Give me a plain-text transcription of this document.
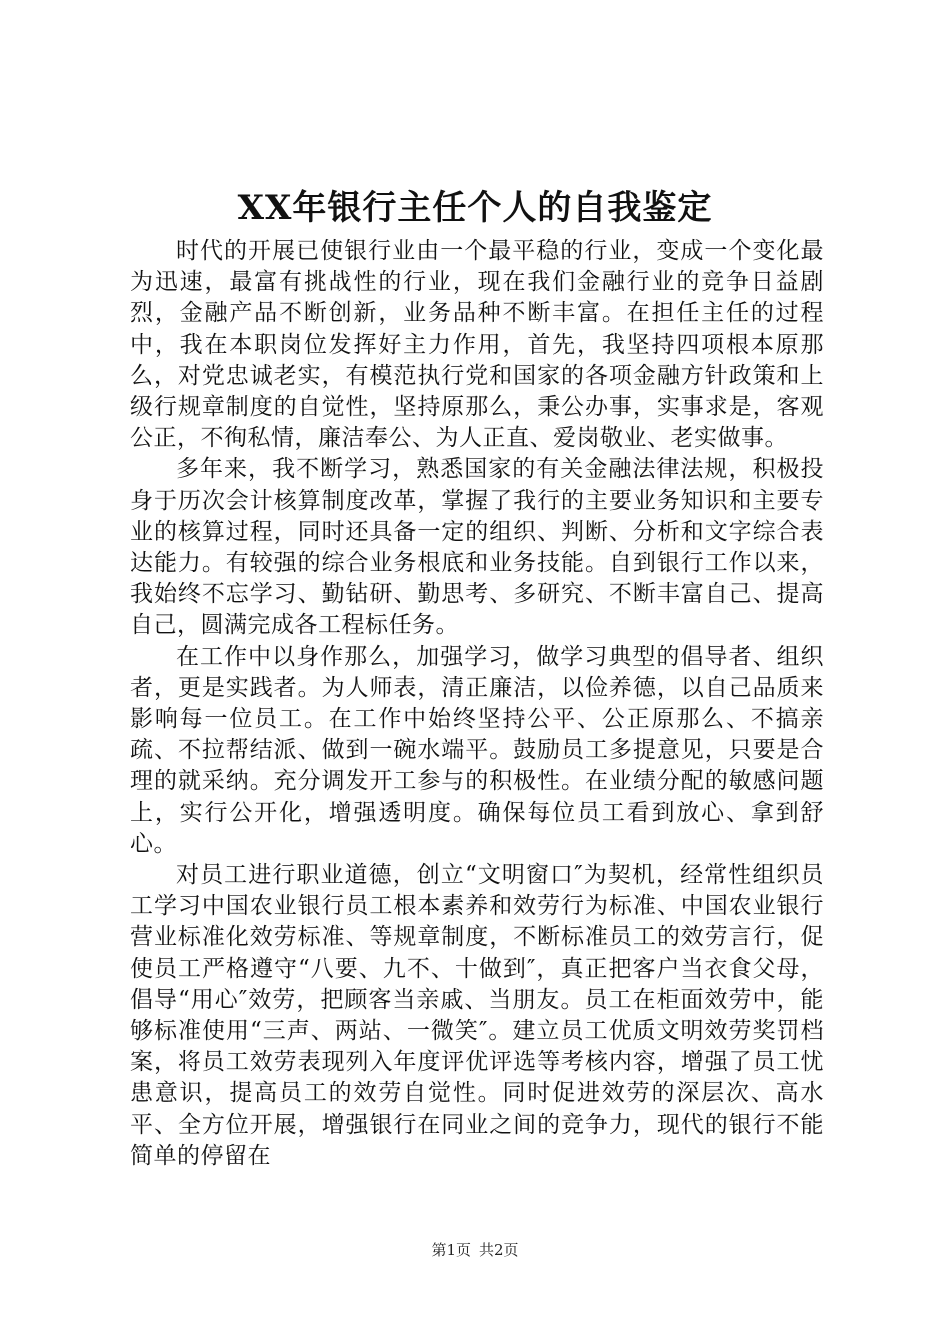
XX年银行主任个人的自我鉴定

时代的开展已使银行业由一个最平稳的行业，变成一个变化最为迅速，最富有挑战性的行业，现在我们金融行业的竞争日益剧烈，金融产品不断创新，业务品种不断丰富。在担任主任的过程中，我在本职岗位发挥好主力作用，首先，我坚持四项根本原那么，对党忠诚老实，有模范执行党和国家的各项金融方针政策和上级行规章制度的自觉性，坚持原那么，秉公办事，实事求是，客观公正，不徇私情，廉洁奉公、为人正直、爱岗敬业、老实做事。

多年来，我不断学习，熟悉国家的有关金融法律法规，积极投身于历次会计核算制度改革，掌握了我行的主要业务知识和主要专业的核算过程，同时还具备一定的组织、判断、分析和文字综合表达能力。有较强的综合业务根底和业务技能。自到银行工作以来，我始终不忘学习、勤钻研、勤思考、多研究、不断丰富自己、提高自己，圆满完成各工程标任务。

在工作中以身作那么，加强学习，做学习典型的倡导者、组织者，更是实践者。为人师表，清正廉洁，以俭养德，以自己品质来影响每一位员工。在工作中始终坚持公平、公正原那么、不搞亲疏、不拉帮结派、做到一碗水端平。鼓励员工多提意见，只要是合理的就采纳。充分调发开工参与的积极性。在业绩分配的敏感问题上，实行公开化，增强透明度。确保每位员工看到放心、拿到舒心。

对员工进行职业道德，创立“文明窗口″为契机，经常性组织员工学习中国农业银行员工根本素养和效劳行为标准、中国农业银行营业标准化效劳标准、等规章制度，不断标准员工的效劳言行，促使员工严格遵守“八要、九不、十做到″，真正把客户当衣食父母，倡导“用心″效劳，把顾客当亲戚、当朋友。员工在柜面效劳中，能够标准使用“三声、两站、一微笑″。建立员工优质文明效劳奖罚档案，将员工效劳表现列入年度评优评选等考核内容，增强了员工忧患意识，提高员工的效劳自觉性。同时促进效劳的深层次、高水平、全方位开展，增强银行在同业之间的竞争力，现代的银行不能简单的停留在

第1页 共2页
